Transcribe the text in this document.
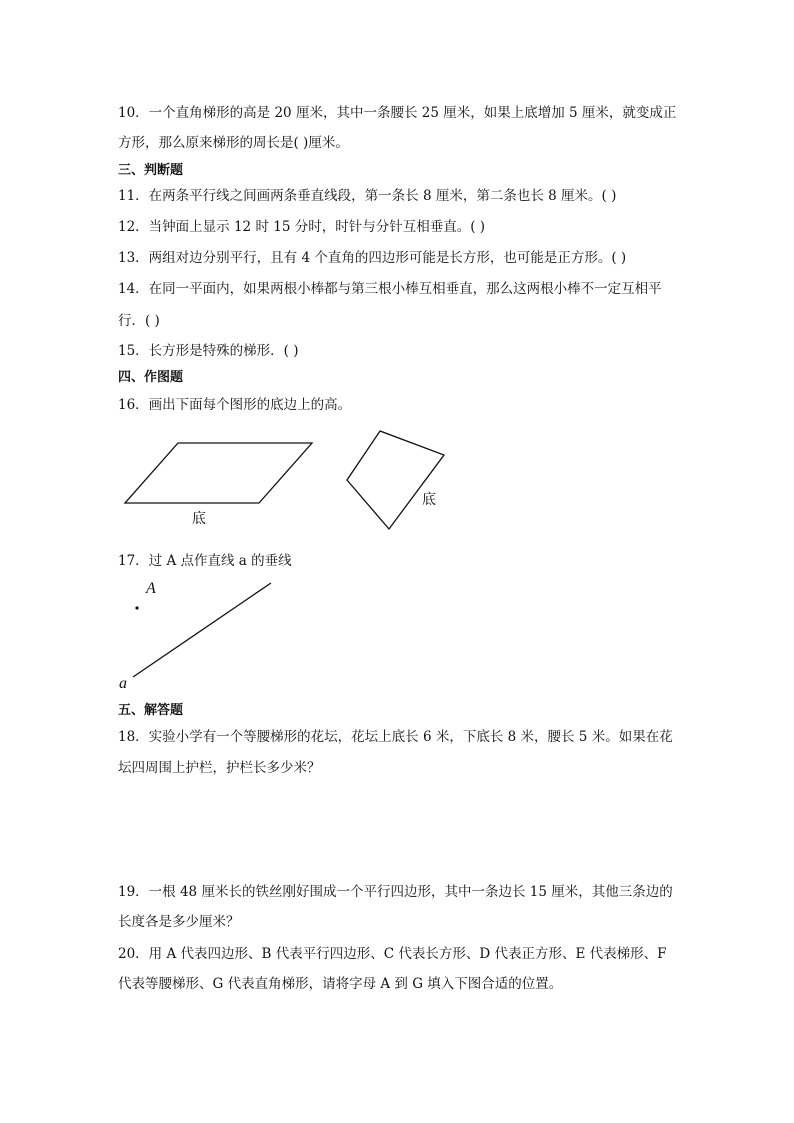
10．一个直角梯形的高是 20 厘米，其中一条腰长 25 厘米，如果上底增加 5 厘米，就变成正
方形，那么原来梯形的周长是( )厘米。
三、判断题
11．在两条平行线之间画两条垂直线段，第一条长 8 厘米，第二条也长 8 厘米。( )
12．当钟面上显示 12 时 15 分时，时针与分针互相垂直。( )
13．两组对边分别平行，且有 4 个直角的四边形可能是长方形，也可能是正方形。( )
14．在同一平面内，如果两根小棒都与第三根小棒互相垂直，那么这两根小棒不一定互相平
行．( )
15．长方形是特殊的梯形．( )
四、作图题
16．画出下面每个图形的底边上的高。
底
底
17．过 A 点作直线 a 的垂线
A
a
五、解答题
18．实验小学有一个等腰梯形的花坛，花坛上底长 6 米，下底长 8 米，腰长 5 米。如果在花
坛四周围上护栏，护栏长多少米？
19．一根 48 厘米长的铁丝刚好围成一个平行四边形，其中一条边长 15 厘米，其他三条边的
长度各是多少厘米？
20．用 A 代表四边形、B 代表平行四边形、C 代表长方形、D 代表正方形、E 代表梯形、F
代表等腰梯形、G 代表直角梯形，请将字母 A 到 G 填入下图合适的位置。
